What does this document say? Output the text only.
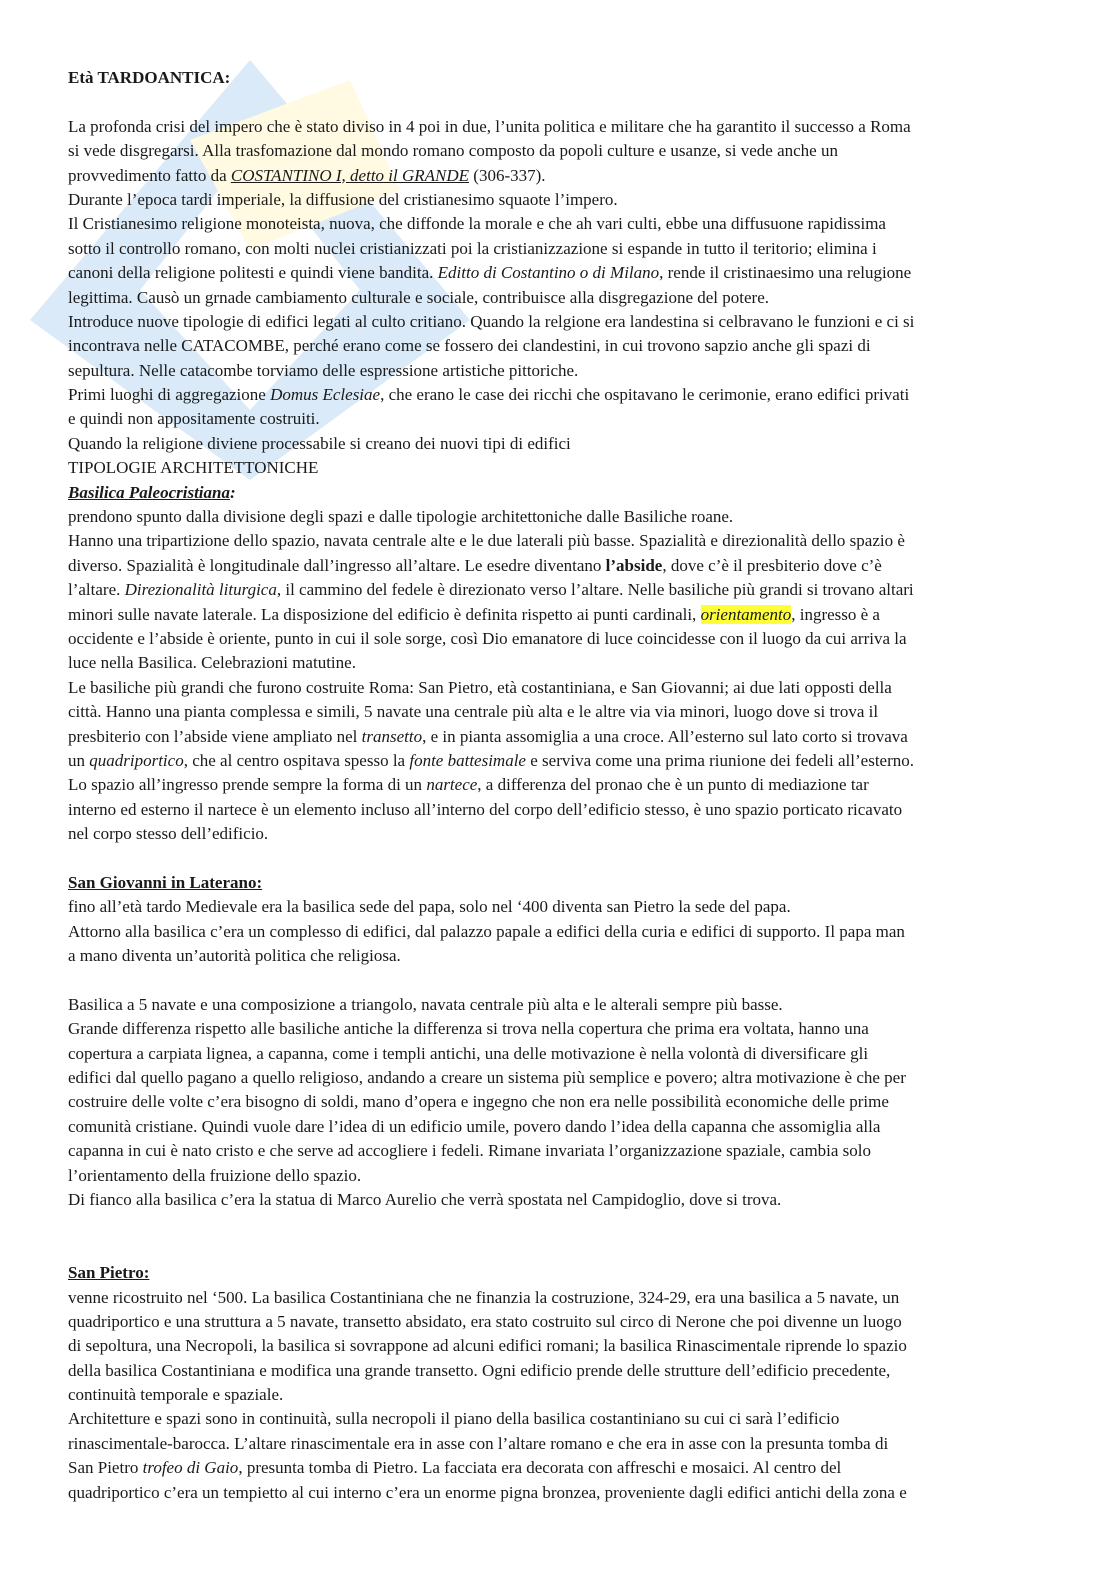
Età TARDOANTICA:
La profonda crisi del impero che è stato diviso in 4 poi in due, l’unita politica e militare che ha garantito il successo a Roma
si vede disgregarsi. Alla trasfomazione dal mondo romano composto da popoli culture e usanze, si vede anche un
provvedimento fatto da COSTANTINO I, detto il GRANDE (306-337).
Durante l’epoca tardi imperiale, la diffusione del cristianesimo squaote l’impero.
Il Cristianesimo religione monoteista, nuova, che diffonde la morale e che ah vari culti, ebbe una diffusuone rapidissima
sotto il controllo romano, con molti nuclei cristianizzati poi la cristianizzazione si espande in tutto il teritorio; elimina i
canoni della religione politesti e quindi viene bandita. Editto di Costantino o di Milano, rende il cristinaesimo una relugione
legittima. Causò un grnade cambiamento culturale e sociale, contribuisce alla disgregazione del potere.
Introduce nuove tipologie di edifici legati al culto critiano. Quando la relgione era landestina si celbravano le funzioni e ci si
incontrava nelle CATACOMBE, perché erano come se fossero dei clandestini, in cui trovono sapzio anche gli spazi di
sepultura. Nelle catacombe torviamo delle espressione artistiche pittoriche.
Primi luoghi di aggregazione Domus Eclesiae, che erano le case dei ricchi che ospitavano le cerimonie, erano edifici privati
e quindi non appositamente costruiti.
Quando la religione diviene processabile si creano dei nuovi tipi di edifici
TIPOLOGIE ARCHITETTONICHE
Basilica Paleocristiana:
prendono spunto dalla divisione degli spazi e dalle tipologie architettoniche dalle Basiliche roane.
Hanno una tripartizione dello spazio, navata centrale alte e le due laterali più basse. Spazialità e direzionalità dello spazio è
diverso. Spazialità è longitudinale dall’ingresso all’altare. Le esedre diventano l’abside, dove c’è il presbiterio dove c’è
l’altare. Direzionalità liturgica, il cammino del fedele è direzionato verso l’altare. Nelle basiliche più grandi si trovano altari
minori sulle navate laterale. La disposizione del edificio è definita rispetto ai punti cardinali, orientamento, ingresso è a
occidente e l’abside è oriente, punto in cui il sole sorge, così Dio emanatore di luce coincidesse con il luogo da cui arriva la
luce nella Basilica. Celebrazioni matutine.
Le basiliche più grandi che furono costruite Roma: San Pietro, età costantiniana, e San Giovanni; ai due lati opposti della
città. Hanno una pianta complessa e simili, 5 navate una centrale più alta e le altre via via minori, luogo dove si trova il
presbiterio con l’abside viene ampliato nel transetto, e in pianta assomiglia a una croce. All’esterno sul lato corto si trovava
un quadriportico, che al centro ospitava spesso la fonte battesimale e serviva come una prima riunione dei fedeli all’esterno.
Lo spazio all’ingresso prende sempre la forma di un nartece, a differenza del pronao che è un punto di mediazione tar
interno ed esterno il nartece è un elemento incluso all’interno del corpo dell’edificio stesso, è uno spazio porticato ricavato
nel corpo stesso dell’edificio.
San Giovanni in Laterano:
fino all’età tardo Medievale era la basilica sede del papa, solo nel ‘400 diventa san Pietro la sede del papa.
Attorno alla basilica c’era un complesso di edifici, dal palazzo papale a edifici della curia e edifici di supporto. Il papa man
a mano diventa un’autorità politica che religiosa.
Basilica a 5 navate e una composizione a triangolo, navata centrale più alta e le alterali sempre più basse.
Grande differenza rispetto alle basiliche antiche la differenza si trova nella copertura che prima era voltata, hanno una
copertura a carpiata lignea, a capanna, come i templi antichi, una delle motivazione è nella volontà di diversificare gli
edifici dal quello pagano a quello religioso, andando a creare un sistema più semplice e povero; altra motivazione è che per
costruire delle volte c’era bisogno di soldi, mano d’opera e ingegno che non era nelle possibilità economiche delle prime
comunità cristiane. Quindi vuole dare l’idea di un edificio umile, povero dando l’idea della capanna che assomiglia alla
capanna in cui è nato cristo e che serve ad accogliere i fedeli. Rimane invariata l’organizzazione spaziale, cambia solo
l’orientamento della fruizione dello spazio.
Di fianco alla basilica c’era la statua di Marco Aurelio che verrà spostata nel Campidoglio, dove si trova.
San Pietro:
venne ricostruito nel ‘500. La basilica Costantiniana che ne finanzia la costruzione, 324-29, era una basilica a 5 navate, un
quadriportico e una struttura a 5 navate, transetto absidato, era stato costruito sul circo di Nerone che poi divenne un luogo
di sepoltura, una Necropoli, la basilica si sovrappone ad alcuni edifici romani; la basilica Rinascimentale riprende lo spazio
della basilica Costantiniana e modifica una grande transetto. Ogni edificio prende delle strutture dell’edificio precedente,
continuità temporale e spaziale.
Architetture e spazi sono in continuità, sulla necropoli il piano della basilica costantiniano su cui ci sarà l’edificio
rinascimentale-barocca. L’altare rinascimentale era in asse con l’altare romano e che era in asse con la presunta tomba di
San Pietro trofeo di Gaio, presunta tomba di Pietro. La facciata era decorata con affreschi e mosaici. Al centro del
quadriportico c’era un tempietto al cui interno c’era un enorme pigna bronzea, proveniente dagli edifici antichi della zona e
